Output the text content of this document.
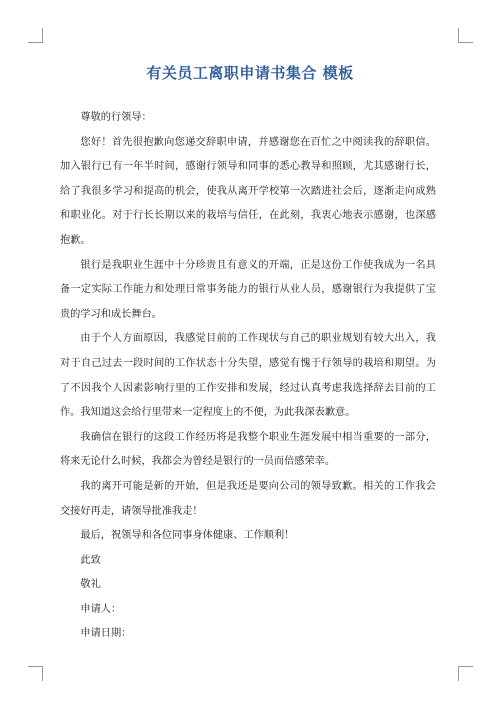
有关员工离职申请书集合 模板

尊敬的行领导：

您好！首先很抱歉向您递交辞职申请，并感谢您在百忙之中阅读我的辞职信。 加入银行已有一年半时间，感谢行领导和同事的悉心教导和照顾，尤其感谢行长，给了我很多学习和提高的机会，使我从离开学校第一次踏进社会后，逐渐走向成熟和职业化。对于行长长期以来的栽培与信任，在此刻，我衷心地表示感谢，也深感抱歉。

银行是我职业生涯中十分珍贵且有意义的开端，正是这份工作使我成为一名具备一定实际工作能力和处理日常事务能力的银行从业人员，感谢银行为我提供了宝贵的学习和成长舞台。

由于个人方面原因，我感觉目前的工作现状与自己的职业规划有较大出入，我对于自己过去一段时间的工作状态十分失望，感觉有愧于行领导的栽培和期望。为了不因我个人因素影响行里的工作安排和发展，经过认真考虑我选择辞去目前的工作。我知道这会给行里带来一定程度上的不便，为此我深表歉意。

我确信在银行的这段工作经历将是我整个职业生涯发展中相当重要的一部分，将来无论什么时候，我都会为曾经是银行的一员而倍感荣幸。

我的离开可能是新的开始，但是我还是要向公司的领导致歉。相关的工作我会交接好再走，请领导批准我走！

最后，祝领导和各位同事身体健康、工作顺利！

此致

敬礼

申请人：

申请日期：
